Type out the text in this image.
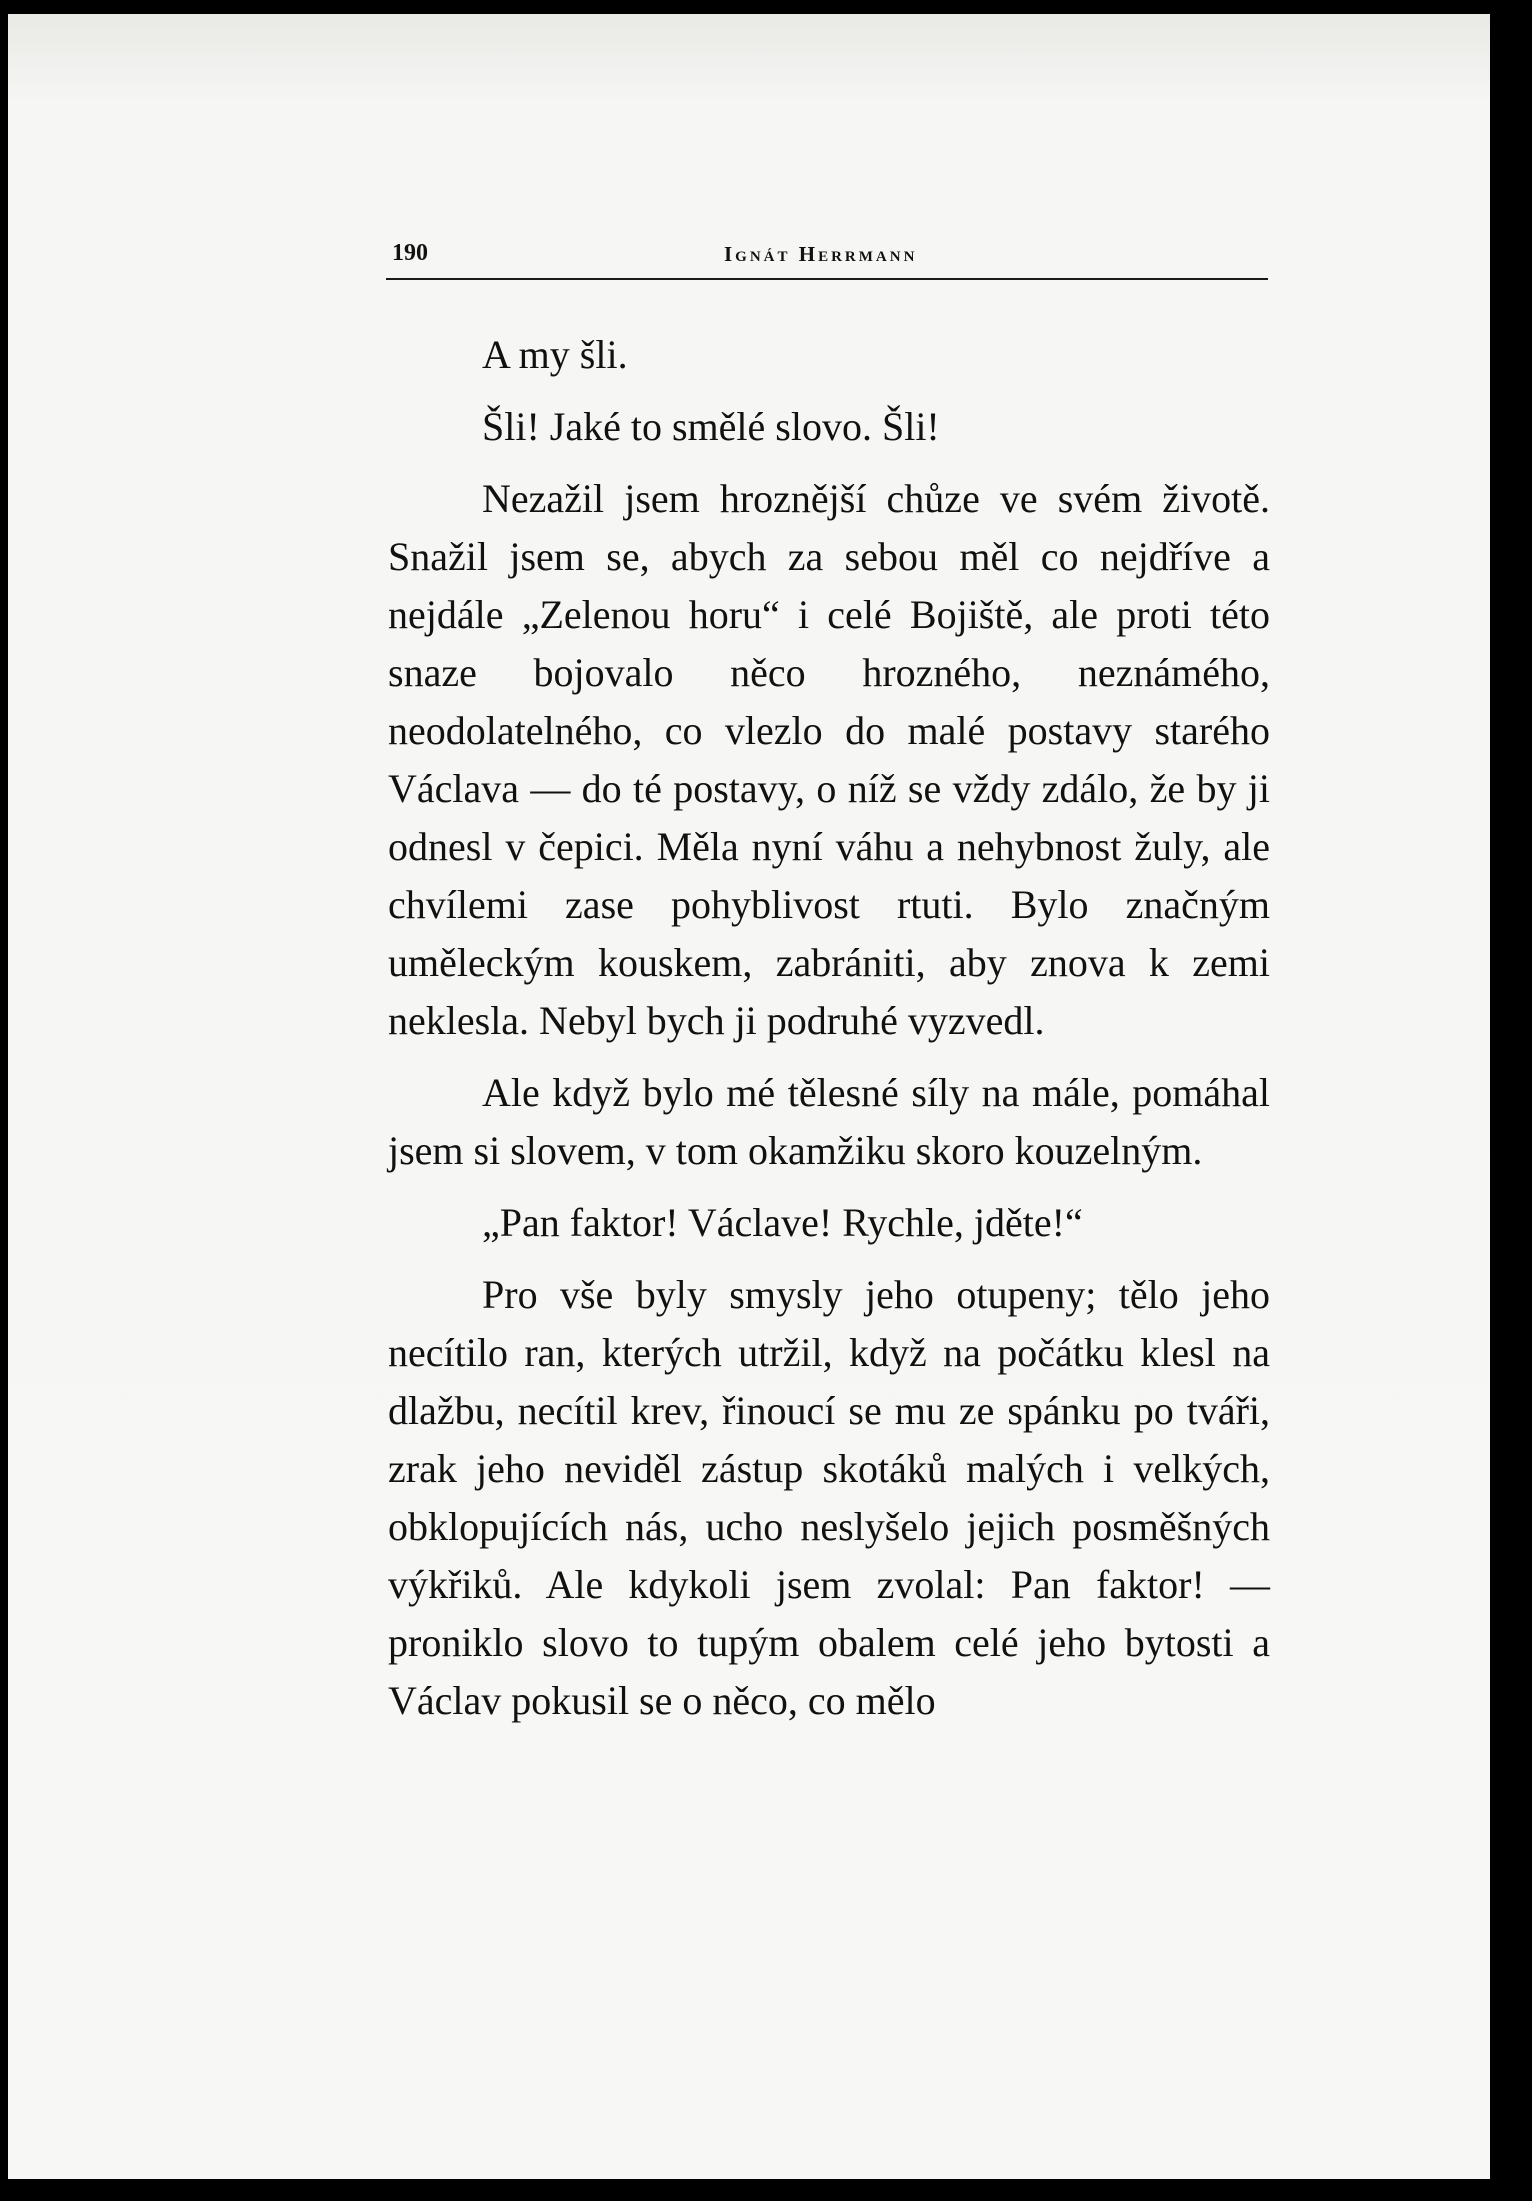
190	Ignát Herrmann

A my šli.

Šli! Jaké to smělé slovo. Šli!

Nezažil jsem hroznější chůze ve svém životě. Snažil jsem se, abych za sebou měl co nejdříve a nejdále „Zelenou horu“ i celé Bojiště, ale proti této snaze bojovalo něco hrozného, neznámého, neodolatelného, co vlezlo do malé postavy starého Václava — do té postavy, o níž se vždy zdálo, že by ji odnesl v čepici. Měla nyní váhu a nehybnost žuly, ale chvílemi zase pohyblivost rtuti. Bylo značným uměleckým kouskem, zabrániti, aby znova k zemi neklesla. Nebyl bych ji podruhé vyzvedl.

Ale když bylo mé tělesné síly na mále, pomáhal jsem si slovem, v tom okamžiku skoro kouzelným.

„Pan faktor! Václave! Rychle, jděte!“

Pro vše byly smysly jeho otupeny; tělo jeho necítilo ran, kterých utržil, když na počátku klesl na dlažbu, necítil krev, řinoucí se mu ze spánku po tváři, zrak jeho neviděl zástup skotáků malých i velkých, obklopujících nás, ucho neslyšelo jejich posměšných výkřiků. Ale kdykoli jsem zvolal: Pan faktor! — proniklo slovo to tupým obalem celé jeho bytosti a Václav pokusil se o něco, co mělo
